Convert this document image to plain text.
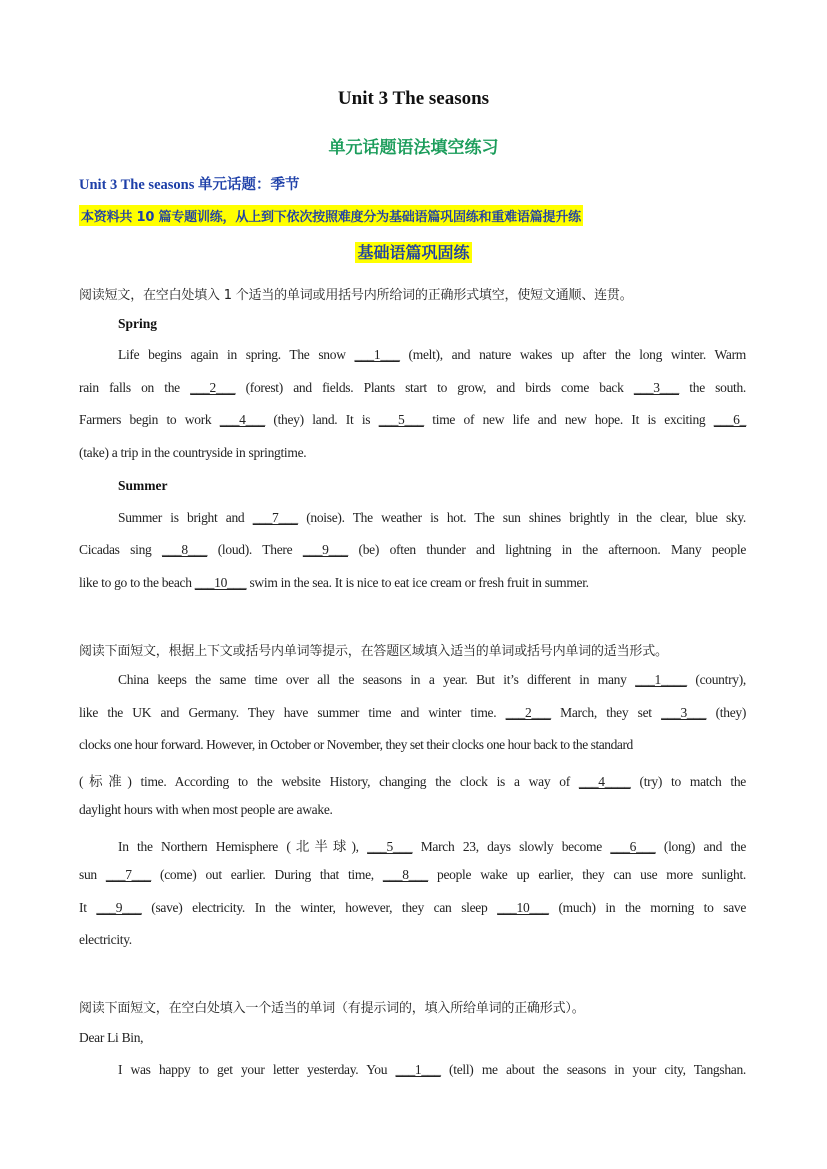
Unit 3 The seasons
单元话题语法填空练习
Unit 3 The seasons 单元话题：季节
本资料共 10 篇专题训练，从上到下依次按照难度分为基础语篇巩固练和重难语篇提升练
基础语篇巩固练
阅读短文，在空白处填入 1 个适当的单词或用括号内所给词的正确形式填空，使短文通顺、连贯。
Spring
Life begins again in spring. The snow ___1___ (melt), and nature wakes up after the long winter. Warm
rain falls on the ___2___ (forest) and fields. Plants start to grow, and birds come back ___3___ the south.
Farmers begin to work ___4___ (they) land. It is ___5___ time of new life and new hope. It is exciting ___6_
(take) a trip in the countryside in springtime.
Summer
Summer is bright and ___7___ (noise). The weather is hot. The sun shines brightly in the clear, blue sky.
Cicadas sing ___8___ (loud). There ___9___ (be) often thunder and lightning in the afternoon. Many people
like to go to the beach ___10___ swim in the sea. It is nice to eat ice cream or fresh fruit in summer.
阅读下面短文，根据上下文或括号内单词等提示，在答题区域填入适当的单词或括号内单词的适当形式。
China keeps the same time over all the seasons in a year. But it’s different in many ___1____ (country),
like the UK and Germany. They have summer time and winter time. ___2___ March, they set ___3___ (they)
clocks one hour forward. However, in October or November, they set their clocks one hour back to the standard
(标准) time. According to the website History, changing the clock is a way of ___4____ (try) to match the
daylight hours with when most people are awake.
In the Northern Hemisphere (北半球), ___5___ March 23, days slowly become ___6___ (long) and the
sun ___7___ (come) out earlier. During that time, ___8___ people wake up earlier, they can use more sunlight.
It ___9___ (save) electricity. In the winter, however, they can sleep ___10___ (much) in the morning to save
electricity.
阅读下面短文，在空白处填入一个适当的单词（有提示词的，填入所给单词的正确形式）。
Dear Li Bin,
I was happy to get your letter yesterday. You ___1___ (tell) me about the seasons in your city, Tangshan.
